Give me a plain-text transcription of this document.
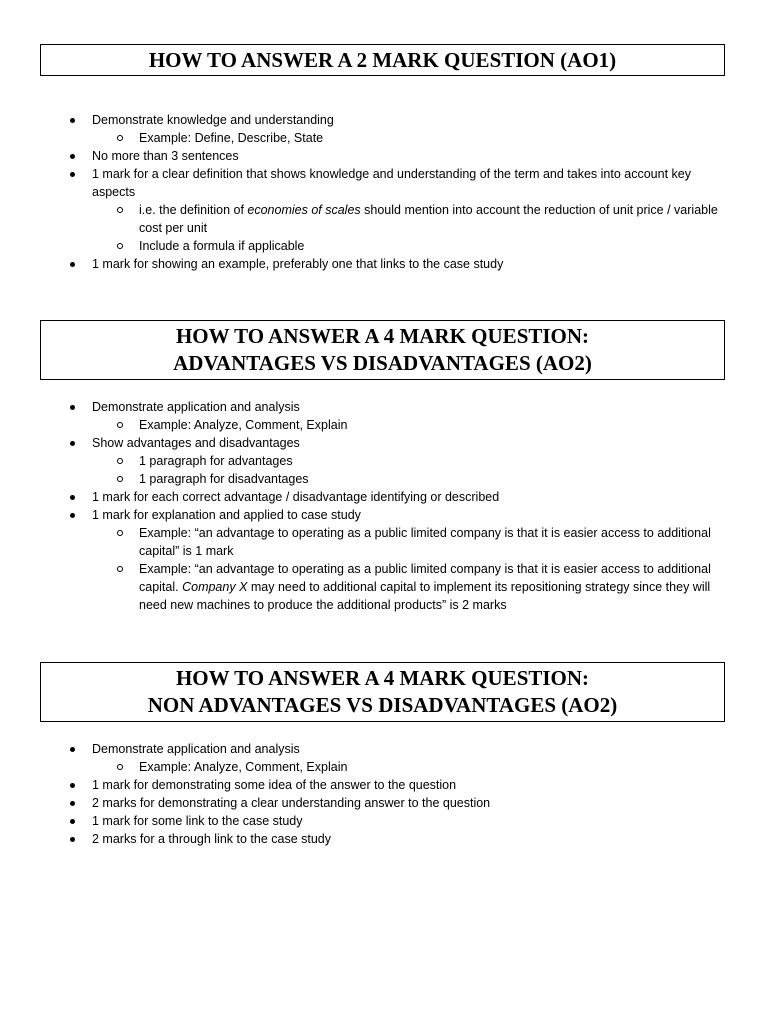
HOW TO ANSWER A 2 MARK QUESTION (AO1)
Demonstrate knowledge and understanding
Example: Define, Describe, State
No more than 3 sentences
1 mark for a clear definition that shows knowledge and understanding of the term and takes into account key aspects
i.e. the definition of economies of scales should mention into account the reduction of unit price / variable cost per unit
Include a formula if applicable
1 mark for showing an example, preferably one that links to the case study
HOW TO ANSWER A 4 MARK QUESTION:
ADVANTAGES VS DISADVANTAGES (AO2)
Demonstrate application and analysis
Example: Analyze, Comment, Explain
Show advantages and disadvantages
1 paragraph for advantages
1 paragraph for disadvantages
1 mark for each correct advantage / disadvantage identifying or described
1 mark for explanation and applied to case study
Example: “an advantage to operating as a public limited company is that it is easier access to additional capital” is 1 mark
Example: “an advantage to operating as a public limited company is that it is easier access to additional capital. Company X may need to additional capital to implement its repositioning strategy since they will need new machines to produce the additional products” is 2 marks
HOW TO ANSWER A 4 MARK QUESTION:
NON ADVANTAGES VS DISADVANTAGES (AO2)
Demonstrate application and analysis
Example: Analyze, Comment, Explain
1 mark for demonstrating some idea of the answer to the question
2 marks for demonstrating a clear understanding answer to the question
1 mark for some link to the case study
2 marks for a through link to the case study
